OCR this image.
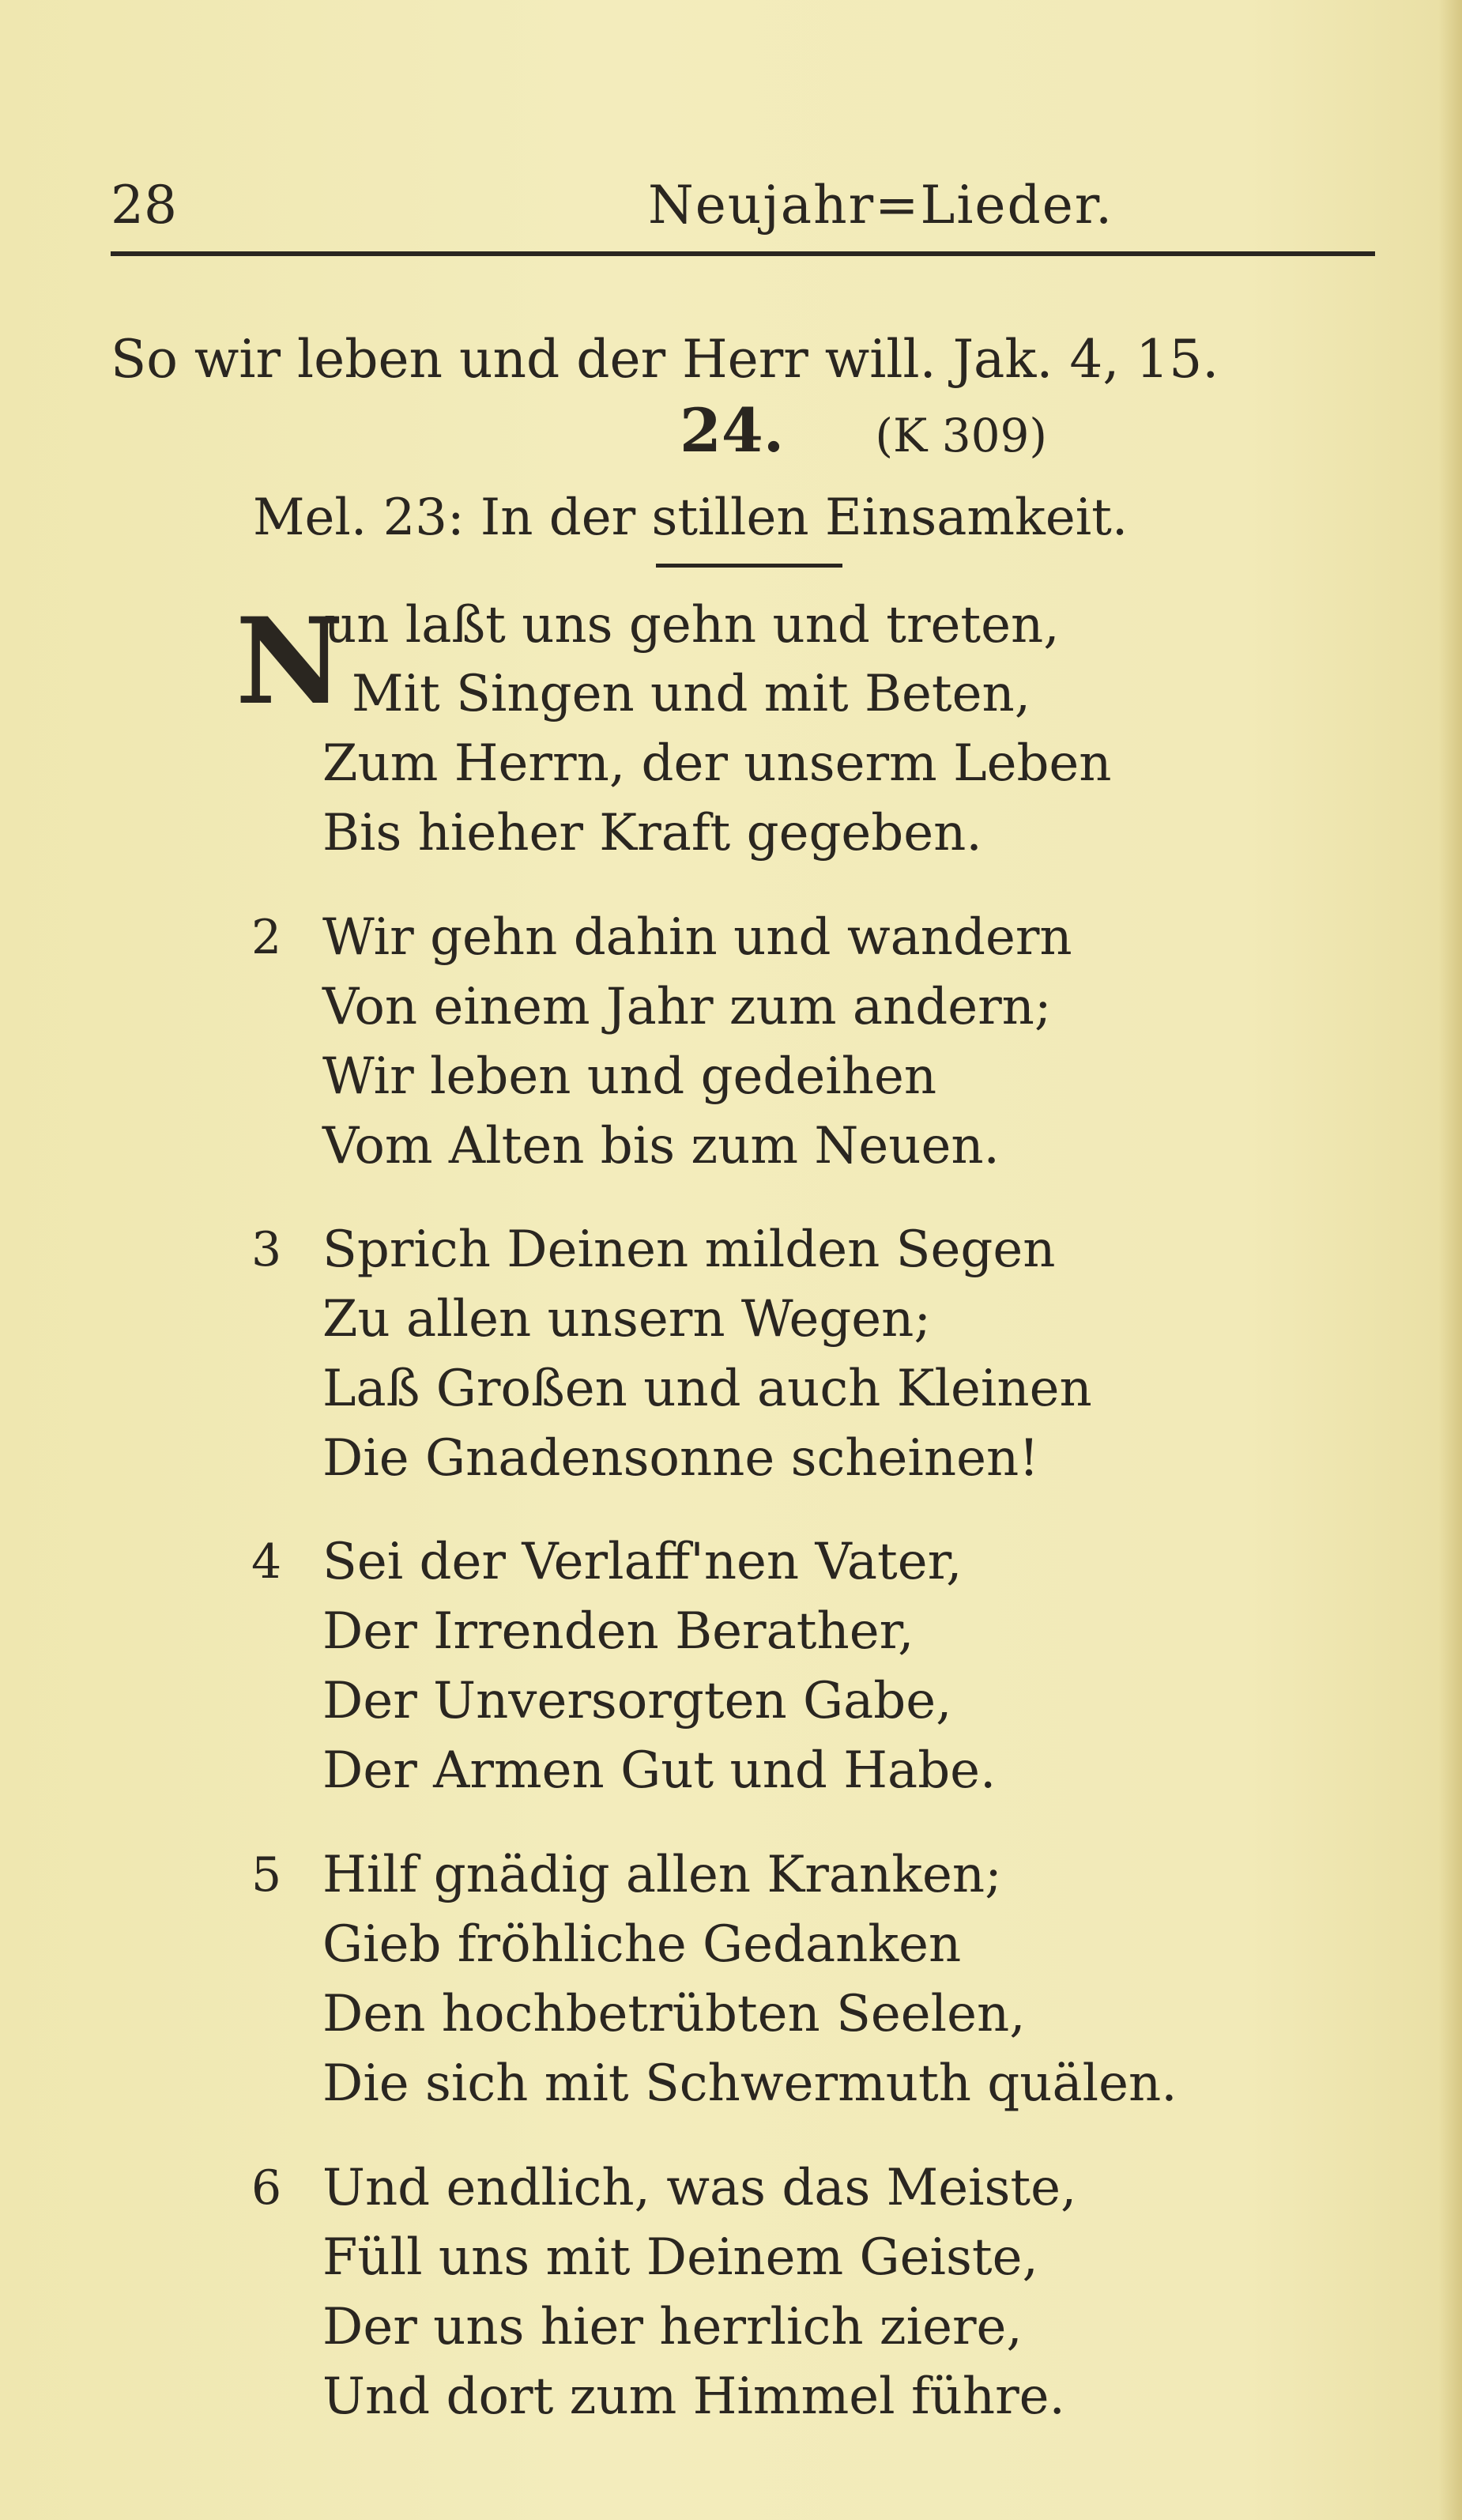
28	Neujahr=Lieder.
So wir leben und der Herr will. Jak. 4, 15.
24. (K 309)
Mel. 23: In der stillen Einsamkeit.
N
un laßt uns gehn und treten,
Mit Singen und mit Beten,
Zum Herrn, der unserm Leben
Bis hieher Kraft gegeben.
2 Wir gehn dahin und wandern
Von einem Jahr zum andern;
Wir leben und gedeihen
Vom Alten bis zum Neuen.
3 Sprich Deinen milden Segen
Zu allen unsern Wegen;
Laß Großen und auch Kleinen
Die Gnadensonne scheinen!
4 Sei der Verlaff'nen Vater,
Der Irrenden Berather,
Der Unversorgten Gabe,
Der Armen Gut und Habe.
5 Hilf gnädig allen Kranken;
Gieb fröhliche Gedanken
Den hochbetrübten Seelen,
Die sich mit Schwermuth quälen.
6 Und endlich, was das Meiste,
Füll uns mit Deinem Geiste,
Der uns hier herrlich ziere,
Und dort zum Himmel führe.
